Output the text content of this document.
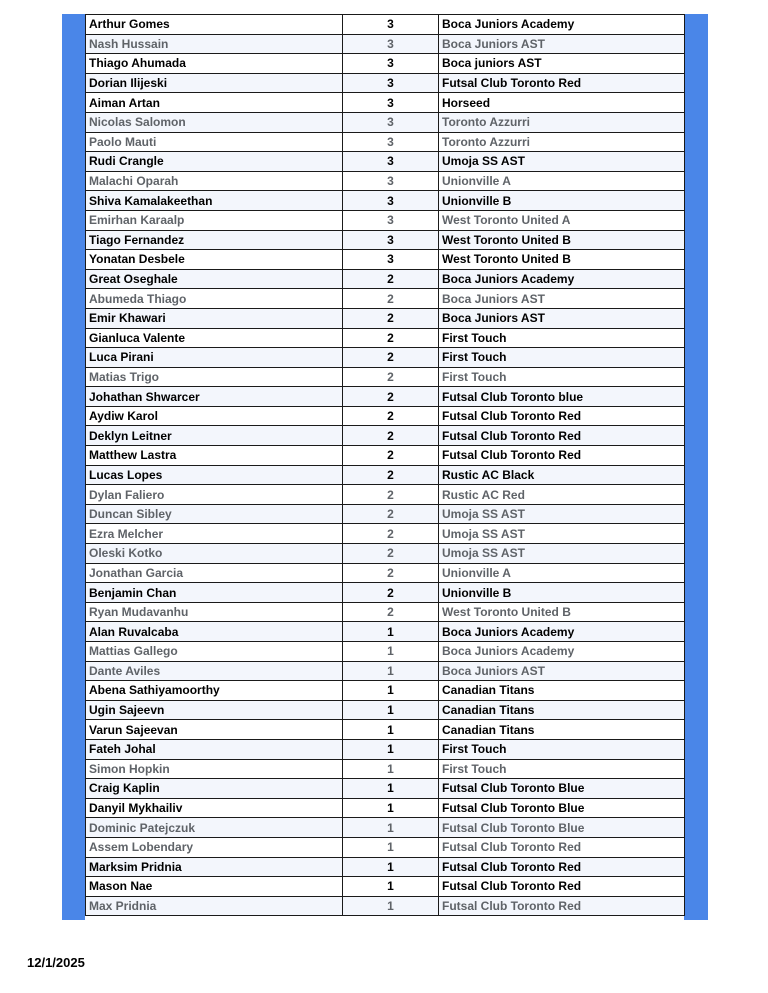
Arthur Gomes	3	Boca Juniors Academy
Nash Hussain	3	Boca Juniors AST
Thiago Ahumada	3	Boca juniors AST
Dorian Ilijeski	3	Futsal Club Toronto Red
Aiman Artan	3	Horseed
Nicolas Salomon	3	Toronto Azzurri
Paolo Mauti	3	Toronto Azzurri
Rudi Crangle	3	Umoja SS AST
Malachi Oparah	3	Unionville A
Shiva Kamalakeethan	3	Unionville B
Emirhan Karaalp	3	West Toronto United A
Tiago Fernandez	3	West Toronto United B
Yonatan Desbele	3	West Toronto United B
Great Oseghale	2	Boca Juniors Academy
Abumeda Thiago	2	Boca Juniors AST
Emir Khawari	2	Boca Juniors AST
Gianluca Valente	2	First Touch
Luca Pirani	2	First Touch
Matias Trigo	2	First Touch
Johathan Shwarcer	2	Futsal Club Toronto blue
Aydiw Karol	2	Futsal Club Toronto Red
Deklyn Leitner	2	Futsal Club Toronto Red
Matthew Lastra	2	Futsal Club Toronto Red
Lucas Lopes	2	Rustic AC Black
Dylan Faliero	2	Rustic AC Red
Duncan Sibley	2	Umoja SS AST
Ezra Melcher	2	Umoja SS AST
Oleski Kotko	2	Umoja SS AST
Jonathan Garcia	2	Unionville A
Benjamin Chan	2	Unionville B
Ryan Mudavanhu	2	West Toronto United B
Alan Ruvalcaba	1	Boca Juniors Academy
Mattias Gallego	1	Boca Juniors Academy
Dante Aviles	1	Boca Juniors AST
Abena Sathiyamoorthy	1	Canadian Titans
Ugin Sajeevn	1	Canadian Titans
Varun Sajeevan	1	Canadian Titans
Fateh Johal	1	First Touch
Simon Hopkin	1	First Touch
Craig Kaplin	1	Futsal Club Toronto Blue
Danyil Mykhailiv	1	Futsal Club Toronto Blue
Dominic Patejczuk	1	Futsal Club Toronto Blue
Assem Lobendary	1	Futsal Club Toronto Red
Marksim Pridnia	1	Futsal Club Toronto Red
Mason Nae	1	Futsal Club Toronto Red
Max Pridnia	1	Futsal Club Toronto Red
12/1/2025
